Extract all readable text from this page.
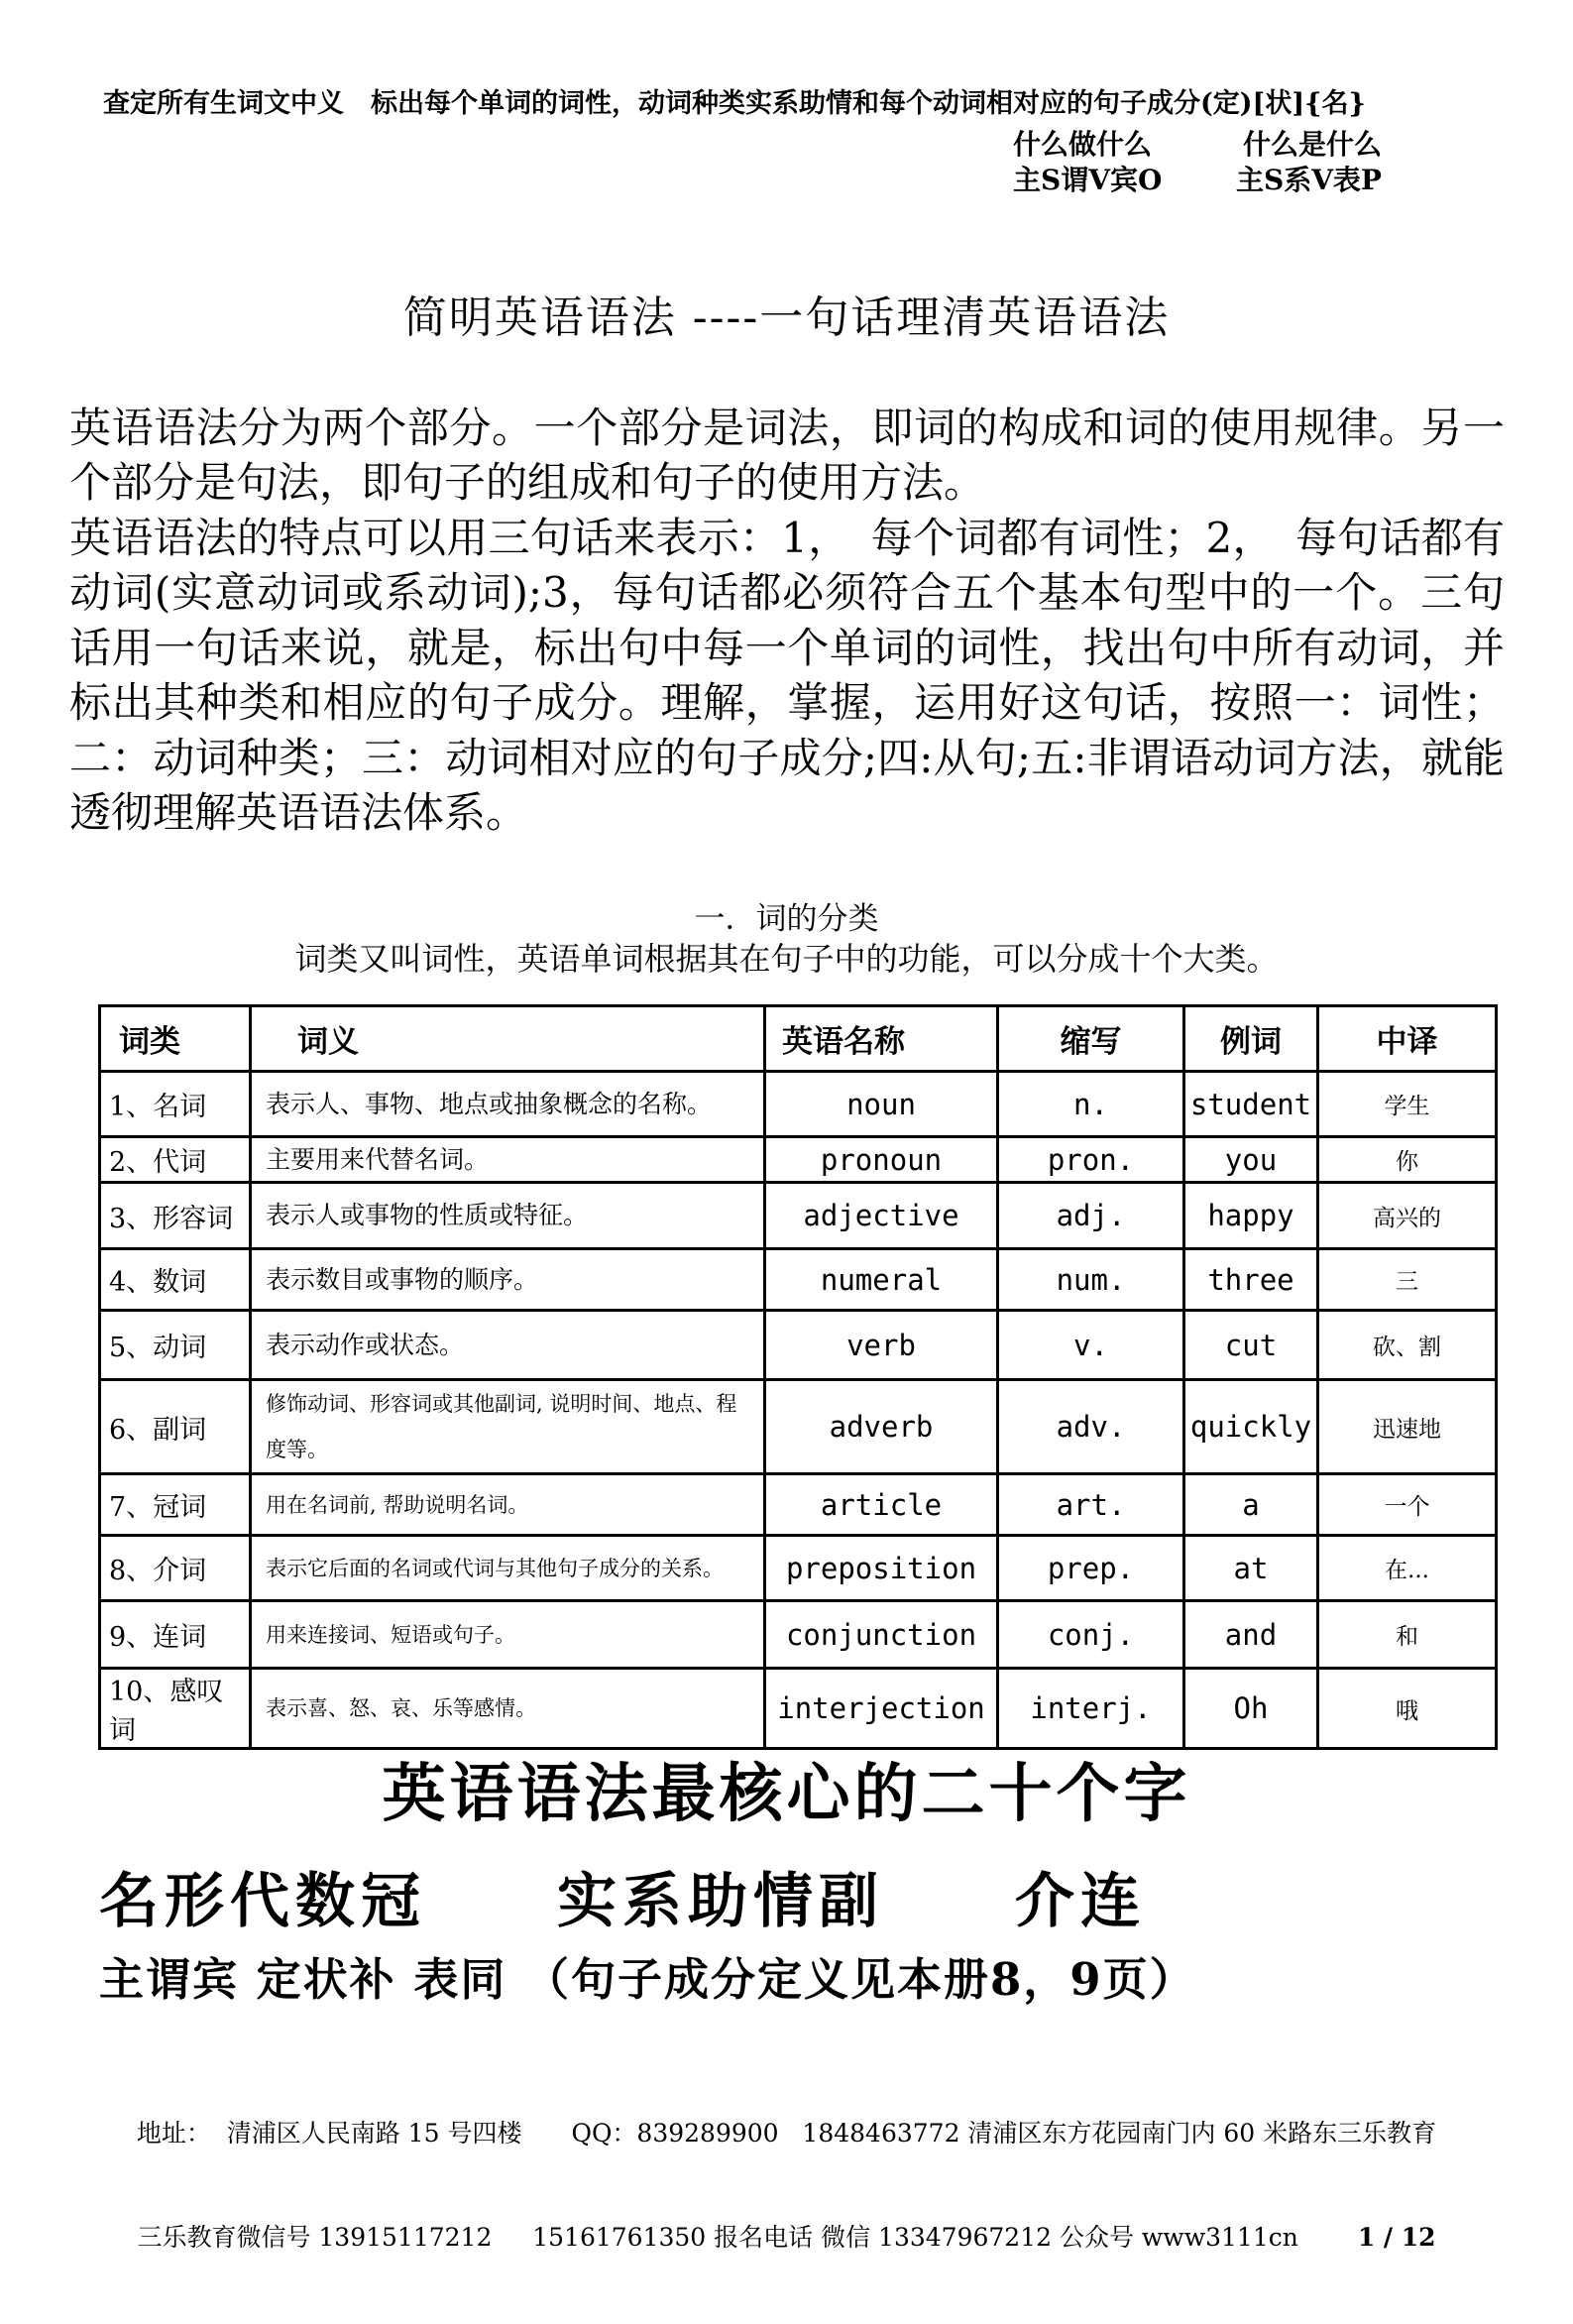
查定所有生词文中义　标出每个单词的词性，动词种类实系助情和每个动词相对应的句子成分(定)[状]{名}
什么做什么	什么是什么
主S谓V宾O	主S系V表P
简明英语语法 ----一句话理清英语语法

英语语法分为两个部分。一个部分是词法，即词的构成和词的使用规律。另一个部分是句法，即句子的组成和句子的使用方法。

英语语法的特点可以用三句话来表示：1，　每个词都有词性；2，　每句话都有动词(实意动词或系动词);3，每句话都必须符合五个基本句型中的一个。三句话用一句话来说，就是，标出句中每一个单词的词性，找出句中所有动词，并标出其种类和相应的句子成分。理解，掌握，运用好这句话，按照一：词性；二：动词种类；三：动词相对应的句子成分;四:从句;五:非谓语动词方法，就能透彻理解英语语法体系。

一．词的分类
词类又叫词性，英语单词根据其在句子中的功能，可以分成十个大类。
词类	词义	英语名称	缩写	例词	中译
1、名词	表示人、事物、地点或抽象概念的名称。	noun	n.	student	学生
2、代词	主要用来代替名词。	pronoun	pron.	you	你
3、形容词	表示人或事物的性质或特征。	adjective	adj.	happy	高兴的
4、数词	表示数目或事物的顺序。	numeral	num.	three	三
5、动词	表示动作或状态。	verb	v.	cut	砍、割
6、副词	修饰动词、形容词或其他副词, 说明时间、地点、程度等。	adverb	adv.	quickly	迅速地
7、冠词	用在名词前, 帮助说明名词。	article	art.	a	一个
8、介词	表示它后面的名词或代词与其他句子成分的关系。	preposition	prep.	at	在...
9、连词	用来连接词、短语或句子。	conjunction	conj.	and	和
10、感叹词	表示喜、怒、哀、乐等感情。	interjection	interj.	Oh	哦
英语语法最核心的二十个字
名形代数冠　　实系助情副　　介连
主谓宾 定状补 表同 （句子成分定义见本册8，9页）

地址：  清浦区人民南路 15 号四楼　　QQ：839289900   1848463772 清浦区东方花园南门内 60 米路东三乐教育

三乐教育微信号 13915117212　  15161761350 报名电话 微信 13347967212 公众号 www3111cn 1 / 12
